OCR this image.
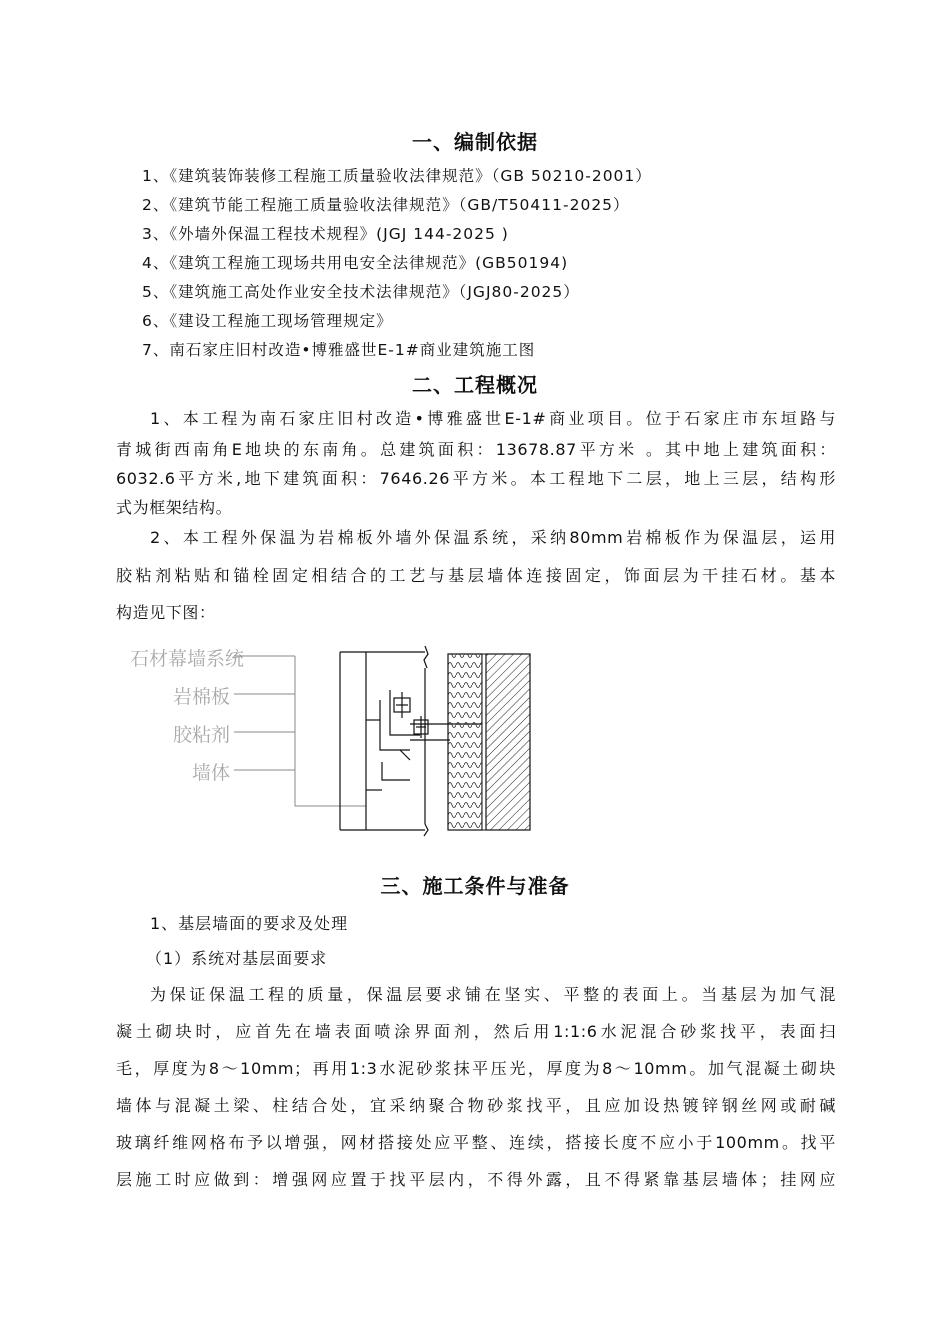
一、编制依据
1、《建筑装饰装修工程施工质量验收法律规范》（GB 50210-2001）
2、《建筑节能工程施工质量验收法律规范》（GB/T50411-2025）
3、《外墙外保温工程技术规程》(JGJ 144-2025 )
4、《建筑工程施工现场共用电安全法律规范》(GB50194)
5、《建筑施工高处作业安全技术法律规范》（JGJ80-2025）
6、《建设工程施工现场管理规定》
7、南石家庄旧村改造•博雅盛世E-1#商业建筑施工图
二、工程概况
1、本工程为南石家庄旧村改造•博雅盛世E-1#商业项目。位于石家庄市东垣路与
青城街西南角E地块的东南角。总建筑面积：13678.87平方米 。其中地上建筑面积：
6032.6平方米,地下建筑面积：7646.26平方米。本工程地下二层，地上三层，结构形
式为框架结构。
2、本工程外保温为岩棉板外墙外保温系统，采纳80mm岩棉板作为保温层，运用
胶粘剂粘贴和锚栓固定相结合的工艺与基层墙体连接固定，饰面层为干挂石材。基本
构造见下图：
石材幕墙系统
岩棉板
胶粘剂
墙体
三、施工条件与准备
1、基层墙面的要求及处理
（1）系统对基层面要求
为保证保温工程的质量，保温层要求铺在坚实、平整的表面上。当基层为加气混
凝土砌块时，应首先在墙表面喷涂界面剂，然后用1:1:6水泥混合砂浆找平，表面扫
毛，厚度为8～10mm；再用1:3水泥砂浆抹平压光，厚度为8～10mm。加气混凝土砌块
墙体与混凝土梁、柱结合处，宜采纳聚合物砂浆找平，且应加设热镀锌钢丝网或耐碱
玻璃纤维网格布予以增强，网材搭接处应平整、连续，搭接长度不应小于100mm。找平
层施工时应做到：增强网应置于找平层内，不得外露，且不得紧靠基层墙体；挂网应
